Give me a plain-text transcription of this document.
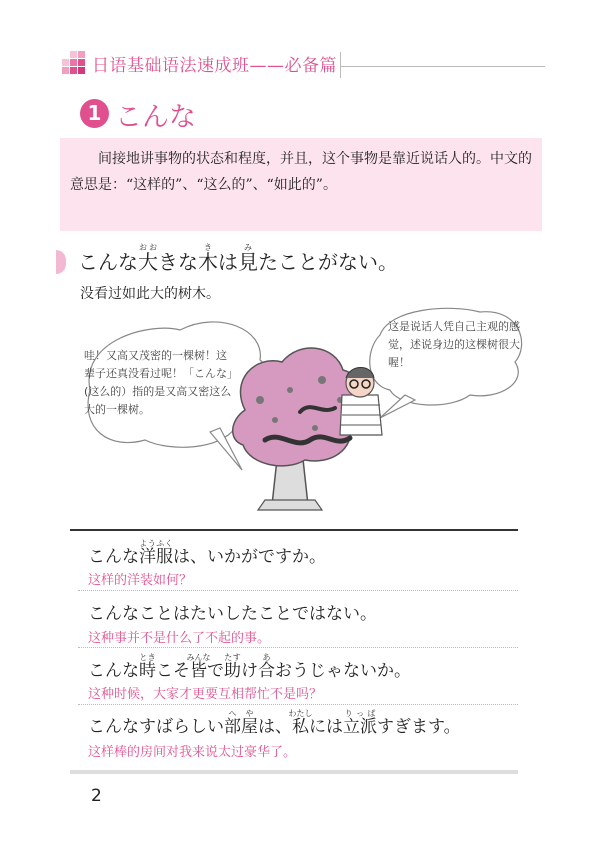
日语基础语法速成班——必备篇
1 こんな
间接地讲事物的状态和程度，并且，这个事物是靠近说话人的。中文的意思是：“这样的”、“这么的”、“如此的”。
こんな大おおきな木きは見みたことがない。
没看过如此大的树木。
哇！又高又茂密的一棵树！这辈子还真没看过呢！「こんな」(这么的）指的是又高又密这么大的一棵树。
这是说话人凭自己主观的感觉，述说身边的这棵树很大喔！
こんな洋服ようふくは、いかがですか。
这样的洋装如何？
こんなことはたいしたことではない。
这种事并不是什么了不起的事。
こんな時ときこそ皆みんなで助たすけ合あおうじゃないか。
这种时候，大家才更要互相帮忙不是吗？
こんなすばらしい部屋へやは、私わたしには立派りっぱすぎます。
这样棒的房间对我来说太过豪华了。
2
